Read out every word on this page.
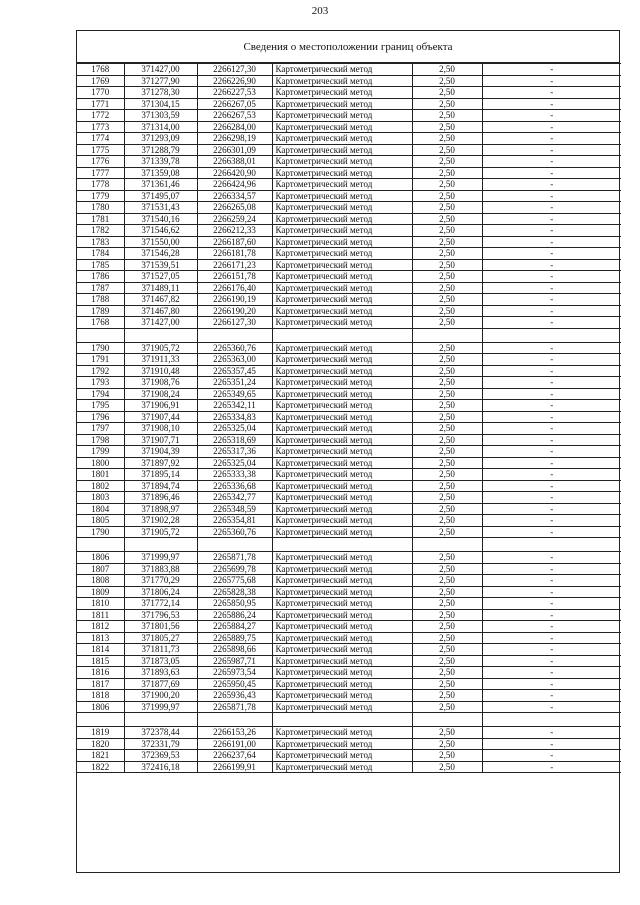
203
Сведения о местоположении границ объекта
1768	371427,00	2266127,30	Картометрический метод	2,50	-
1769	371277,90	2266226,90	Картометрический метод	2,50	-
1770	371278,30	2266227,53	Картометрический метод	2,50	-
1771	371304,15	2266267,05	Картометрический метод	2,50	-
1772	371303,59	2266267,53	Картометрический метод	2,50	-
1773	371314,00	2266284,00	Картометрический метод	2,50	-
1774	371293,09	2266298,19	Картометрический метод	2,50	-
1775	371288,79	2266301,09	Картометрический метод	2,50	-
1776	371339,78	2266388,01	Картометрический метод	2,50	-
1777	371359,08	2266420,90	Картометрический метод	2,50	-
1778	371361,46	2266424,96	Картометрический метод	2,50	-
1779	371495,07	2266334,57	Картометрический метод	2,50	-
1780	371531,43	2266265,08	Картометрический метод	2,50	-
1781	371540,16	2266259,24	Картометрический метод	2,50	-
1782	371546,62	2266212,33	Картометрический метод	2,50	-
1783	371550,00	2266187,60	Картометрический метод	2,50	-
1784	371546,28	2266181,78	Картометрический метод	2,50	-
1785	371539,51	2266171,23	Картометрический метод	2,50	-
1786	371527,05	2266151,78	Картометрический метод	2,50	-
1787	371489,11	2266176,40	Картометрический метод	2,50	-
1788	371467,82	2266190,19	Картометрический метод	2,50	-
1789	371467,80	2266190,20	Картометрический метод	2,50	-
1768	371427,00	2266127,30	Картометрический метод	2,50	-

1790	371905,72	2265360,76	Картометрический метод	2,50	-
1791	371911,33	2265363,00	Картометрический метод	2,50	-
1792	371910,48	2265357,45	Картометрический метод	2,50	-
1793	371908,76	2265351,24	Картометрический метод	2,50	-
1794	371908,24	2265349,65	Картометрический метод	2,50	-
1795	371906,91	2265342,11	Картометрический метод	2,50	-
1796	371907,44	2265334,83	Картометрический метод	2,50	-
1797	371908,10	2265325,04	Картометрический метод	2,50	-
1798	371907,71	2265318,69	Картометрический метод	2,50	-
1799	371904,39	2265317,36	Картометрический метод	2,50	-
1800	371897,92	2265325,04	Картометрический метод	2,50	-
1801	371895,14	2265333,38	Картометрический метод	2,50	-
1802	371894,74	2265336,68	Картометрический метод	2,50	-
1803	371896,46	2265342,77	Картометрический метод	2,50	-
1804	371898,97	2265348,59	Картометрический метод	2,50	-
1805	371902,28	2265354,81	Картометрический метод	2,50	-
1790	371905,72	2265360,76	Картометрический метод	2,50	-

1806	371999,97	2265871,78	Картометрический метод	2,50	-
1807	371883,88	2265699,78	Картометрический метод	2,50	-
1808	371770,29	2265775,68	Картометрический метод	2,50	-
1809	371806,24	2265828,38	Картометрический метод	2,50	-
1810	371772,14	2265850,95	Картометрический метод	2,50	-
1811	371796,53	2265886,24	Картометрический метод	2,50	-
1812	371801,56	2265884,27	Картометрический метод	2,50	-
1813	371805,27	2265889,75	Картометрический метод	2,50	-
1814	371811,73	2265898,66	Картометрический метод	2,50	-
1815	371873,05	2265987,71	Картометрический метод	2,50	-
1816	371893,63	2265973,54	Картометрический метод	2,50	-
1817	371877,69	2265950,45	Картометрический метод	2,50	-
1818	371900,20	2265936,43	Картометрический метод	2,50	-
1806	371999,97	2265871,78	Картометрический метод	2,50	-

1819	372378,44	2266153,26	Картометрический метод	2,50	-
1820	372331,79	2266191,00	Картометрический метод	2,50	-
1821	372369,53	2266237,64	Картометрический метод	2,50	-
1822	372416,18	2266199,91	Картометрический метод	2,50	-
